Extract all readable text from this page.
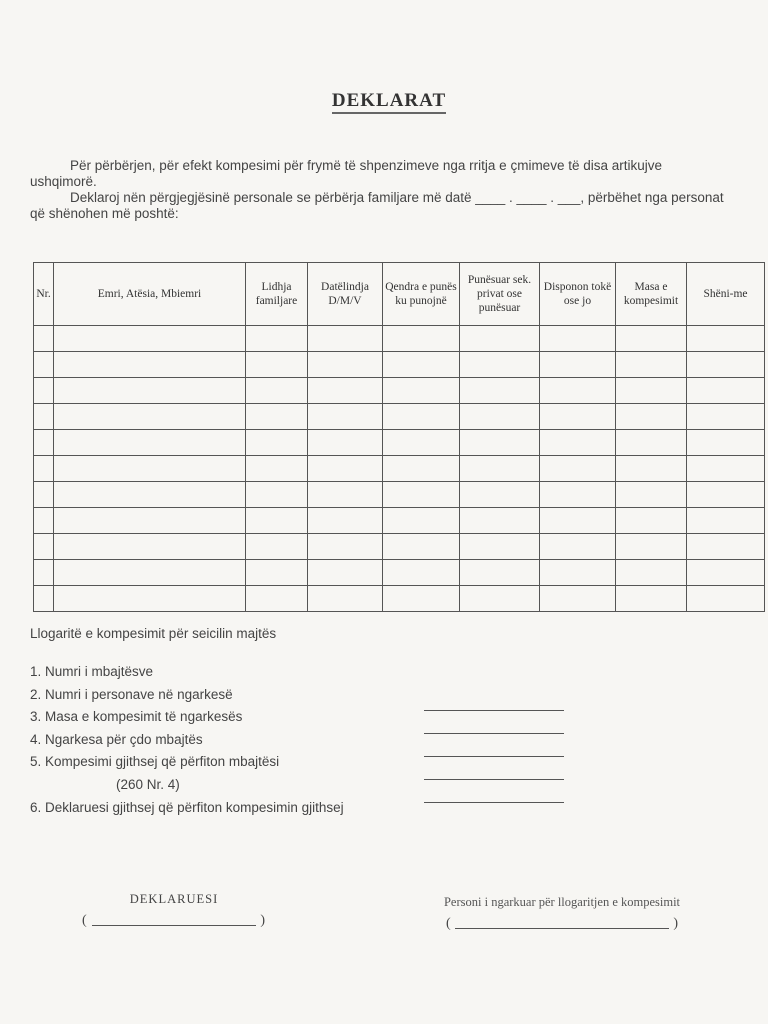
DEKLARAT

Për përbërjen, për efekt kompesimi për frymë të shpenzimeve nga rritja e çmimeve të disa artikujve ushqimorë.

Deklaroj nën përgjegjësinë personale se përbërja familjare më datë ____ . ____ . ___, përbëhet nga personat që shënohen më poshtë:

Nr.	Emri, Atësia, Mbiemri	Lidhja familjare	Datëlindja D/M/V	Qendra e punës ku punojnë	Punësuar sek. privat ose punësuar	Disponon tokë ose jo	Masa e kompesimit	Shëni-me

Llogaritë e kompesimit për seicilin majtës
1. Numri i mbajtësve
2. Numri i personave në ngarkesë
3. Masa e kompesimit të ngarkesës
4. Ngarkesa për çdo mbajtës
5. Kompesimi gjithsej që përfiton mbajtësi
(260 Nr. 4)
6. Deklaruesi gjithsej që përfiton kompesimin gjithsej
DEKLARUESI
(	)
Personi i ngarkuar për llogaritjen e kompesimit
(	)
